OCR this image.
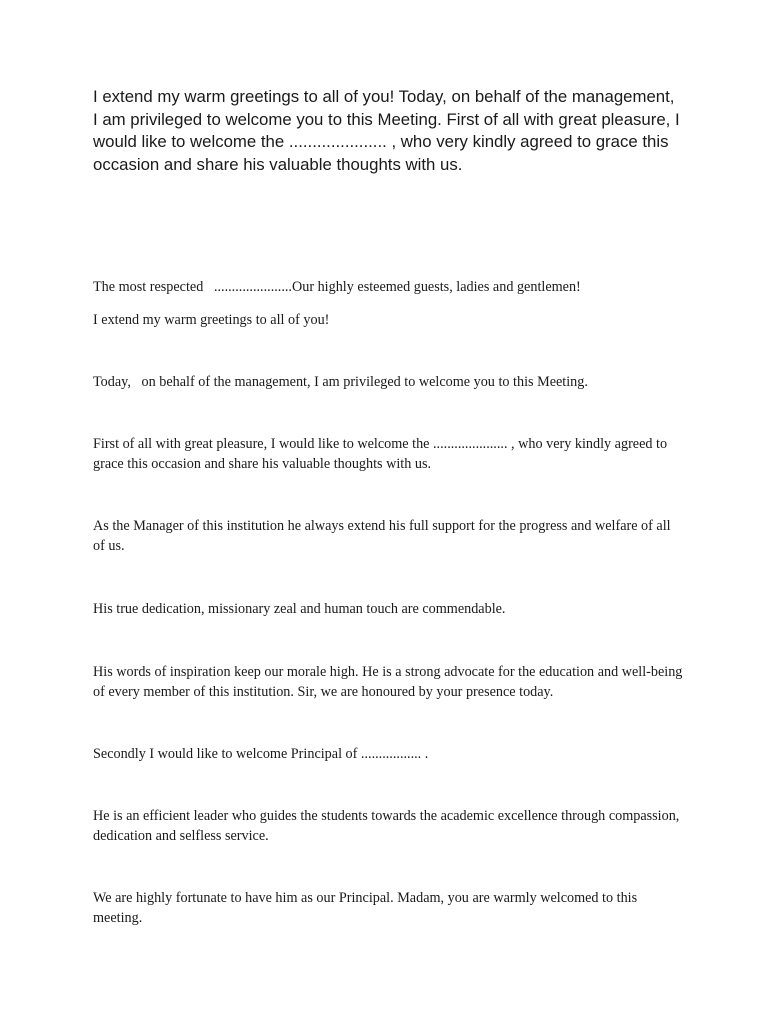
I extend my warm greetings to all of you! Today, on behalf of the management, I am privileged to welcome you to this Meeting. First of all with great pleasure, I would like to welcome the ..................... , who very kindly agreed to grace this occasion and share his valuable thoughts with us.

The most respected   ......................Our highly esteemed guests, ladies and gentlemen!

I extend my warm greetings to all of you!

Today,   on behalf of the management, I am privileged to welcome you to this Meeting.

First of all with great pleasure, I would like to welcome the ..................... , who very kindly agreed to grace this occasion and share his valuable thoughts with us.

As the Manager of this institution he always extend his full support for the progress and welfare of all of us.

His true dedication, missionary zeal and human touch are commendable.

His words of inspiration keep our morale high. He is a strong advocate for the education and well-being of every member of this institution. Sir, we are honoured by your presence today.

Secondly I would like to welcome Principal of ................. .

He is an efficient leader who guides the students towards the academic excellence through compassion, dedication and selfless service.

We are highly fortunate to have him as our Principal. Madam, you are warmly welcomed to this meeting.
